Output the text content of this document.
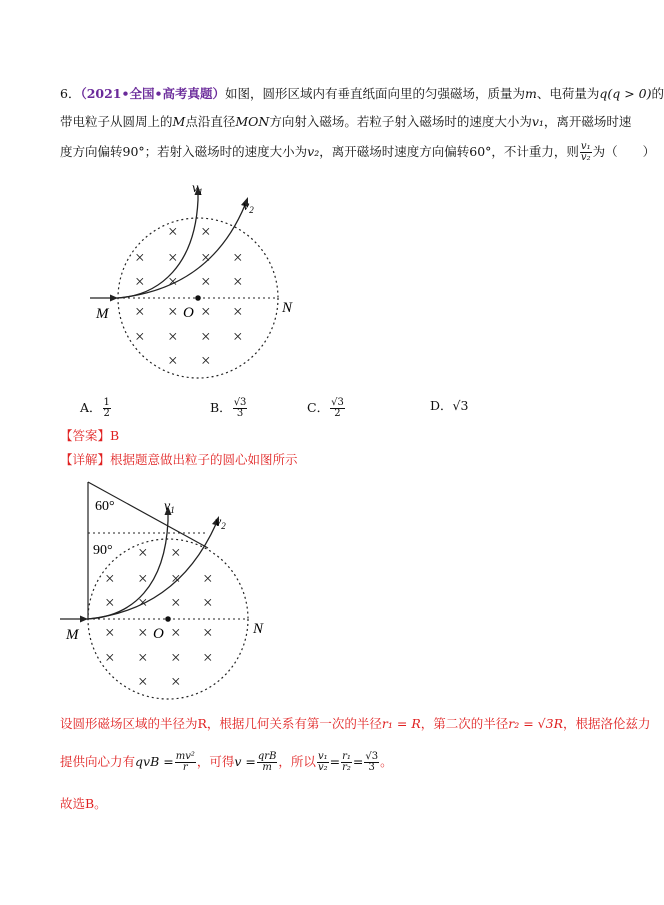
6．（2021•全国•高考真题）如图，圆形区域内有垂直纸面向里的匀强磁场，质量为m、电荷量为q(q > 0)的
带电粒子从圆周上的M点沿直径MON方向射入磁场。若粒子射入磁场时的速度大小为v₁，离开磁场时速
度方向偏转90°；若射入磁场时的速度大小为v₂，离开磁场时速度方向偏转60°，不计重力，则 $\frac{\text{v₁}}{\text{v₂}}$ 为（　　）
$v_1$
$v_2$
M	N
O
× ×
× × × ×
× × × ×
× × × ×
× × × ×
× ×
A． $\frac{1}{2}$	B． $\frac{√3}{3}$	C． $\frac{√3}{2}$	D．√3
【答案】B
【详解】根据题意做出粒子的圆心如图所示
60°
90°
$v_1$
$v_2$
M	N
O
× ×
× × × ×
× × × ×
× × × ×
× × × ×
× ×
设圆形磁场区域的半径为R，根据几何关系有第一次的半径r₁ = R，第二次的半径r₂ = √3R，根据洛伦兹力
提供向心力有qvB = $\frac{\text{mv²}}{r}$ ，可得$v = \frac{\text{qrB}}{m}$ ，所以 $\frac{\text{v₁}}{\text{v₂}} = \frac{\text{r₁}}{\text{r₂}} = \frac{√3}{3}$ 。
故选B。
